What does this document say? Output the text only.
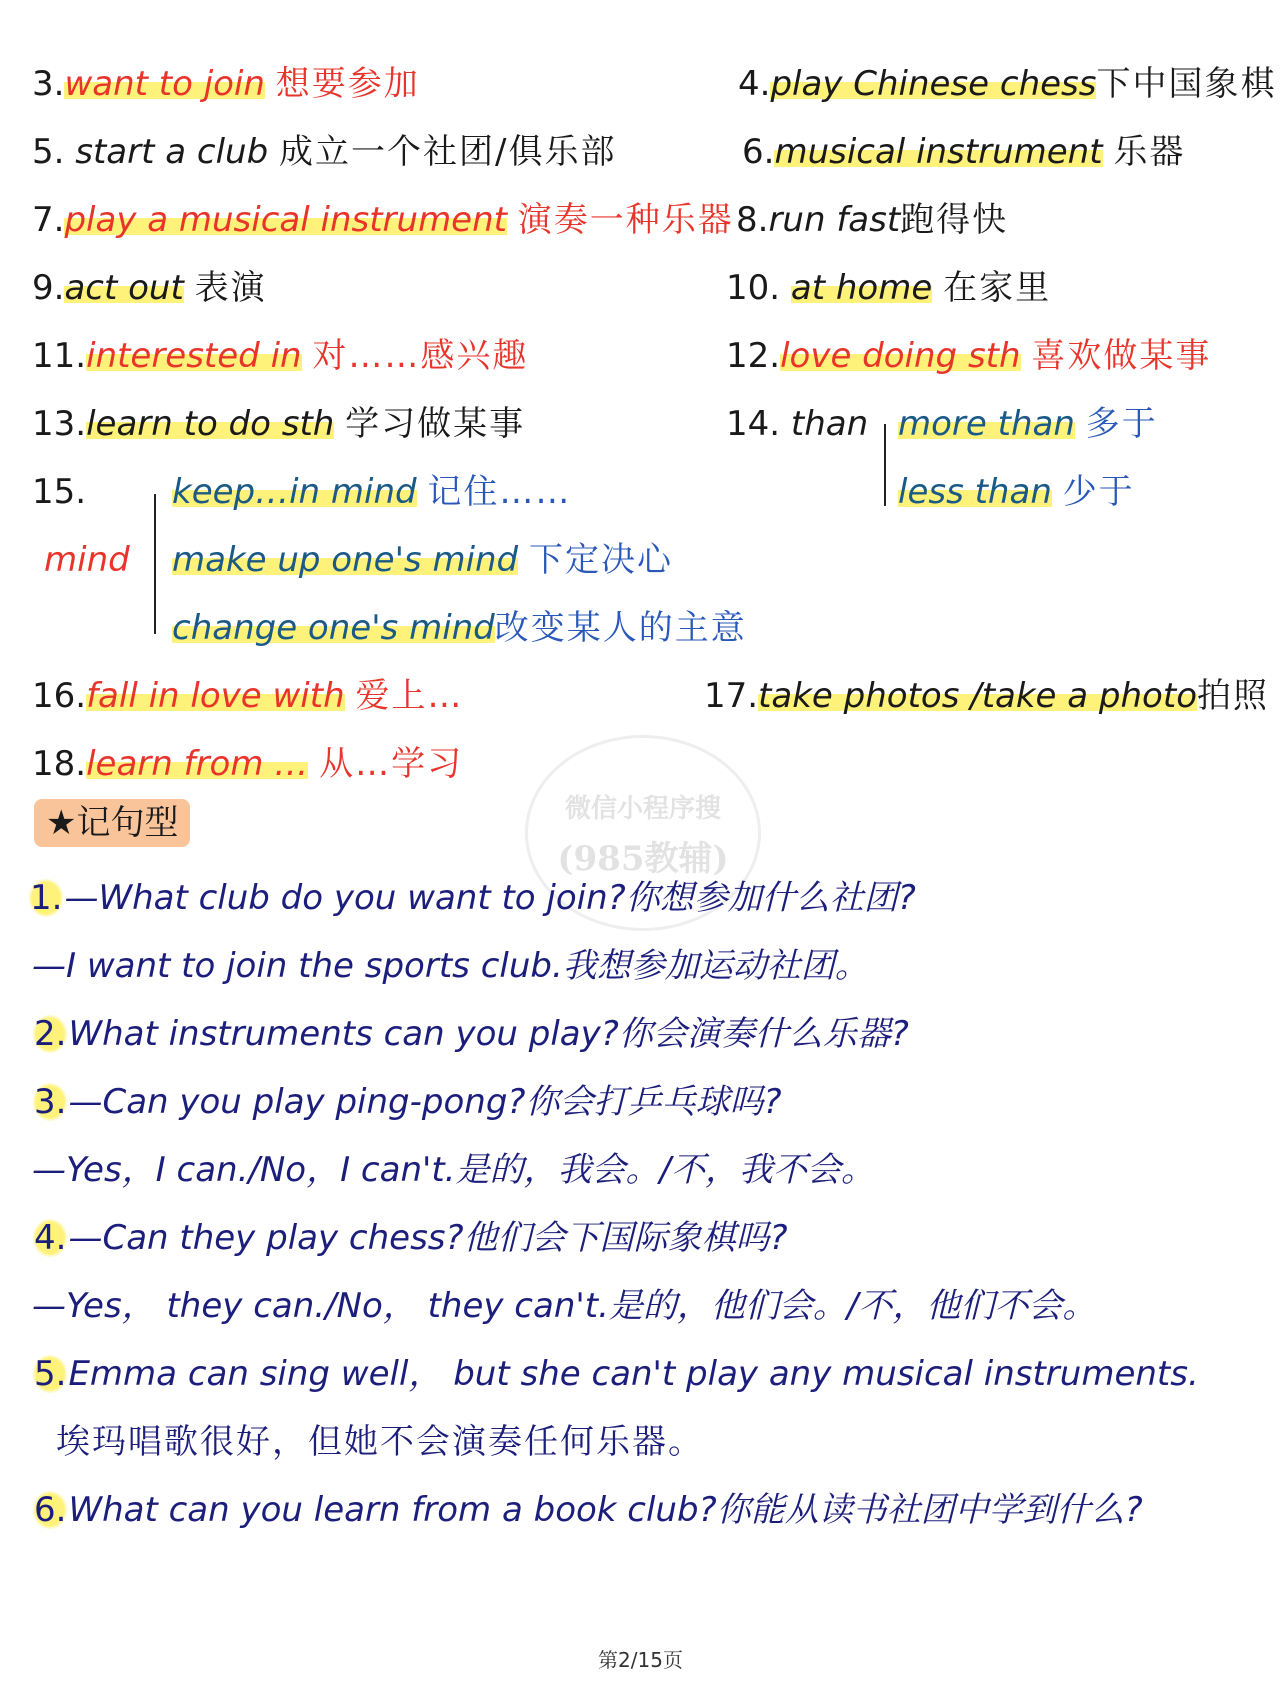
微信小程序搜
(985教辅)
3.want to join 想要参加	4.play Chinese chess下中国象棋
5. start a club 成立一个社团/俱乐部	6.musical instrument 乐器
7.play a musical instrument 演奏一种乐器 8.run fast跑得快
9.act out 表演	10. at home 在家里
11.interested in 对……感兴趣	12.love doing sth 喜欢做某事
13.learn to do sth 学习做某事	14. than more than 多于
less than 少于
15.
mind
keep…in mind 记住……
make up one's mind 下定决心
change one's mind改变某人的主意
16.fall in love with 爱上…	17.take photos /take a photo拍照
18.learn from … 从…学习
★记句型
1.—What club do you want to join?你想参加什么社团?
—I want to join the sports club.我想参加运动社团。
2.What instruments can you play?你会演奏什么乐器?
3.—Can you play ping-pong?你会打乒乓球吗?
—Yes，I can./No，I can't.是的，我会。/不，我不会。
4.—Can they play chess?他们会下国际象棋吗?
—Yes， they can./No， they can't.是的，他们会。/不，他们不会。
5.Emma can sing well， but she can't play any musical instruments.
埃玛唱歌很好，但她不会演奏任何乐器。
6.What can you learn from a book club?你能从读书社团中学到什么?
第2/15页
